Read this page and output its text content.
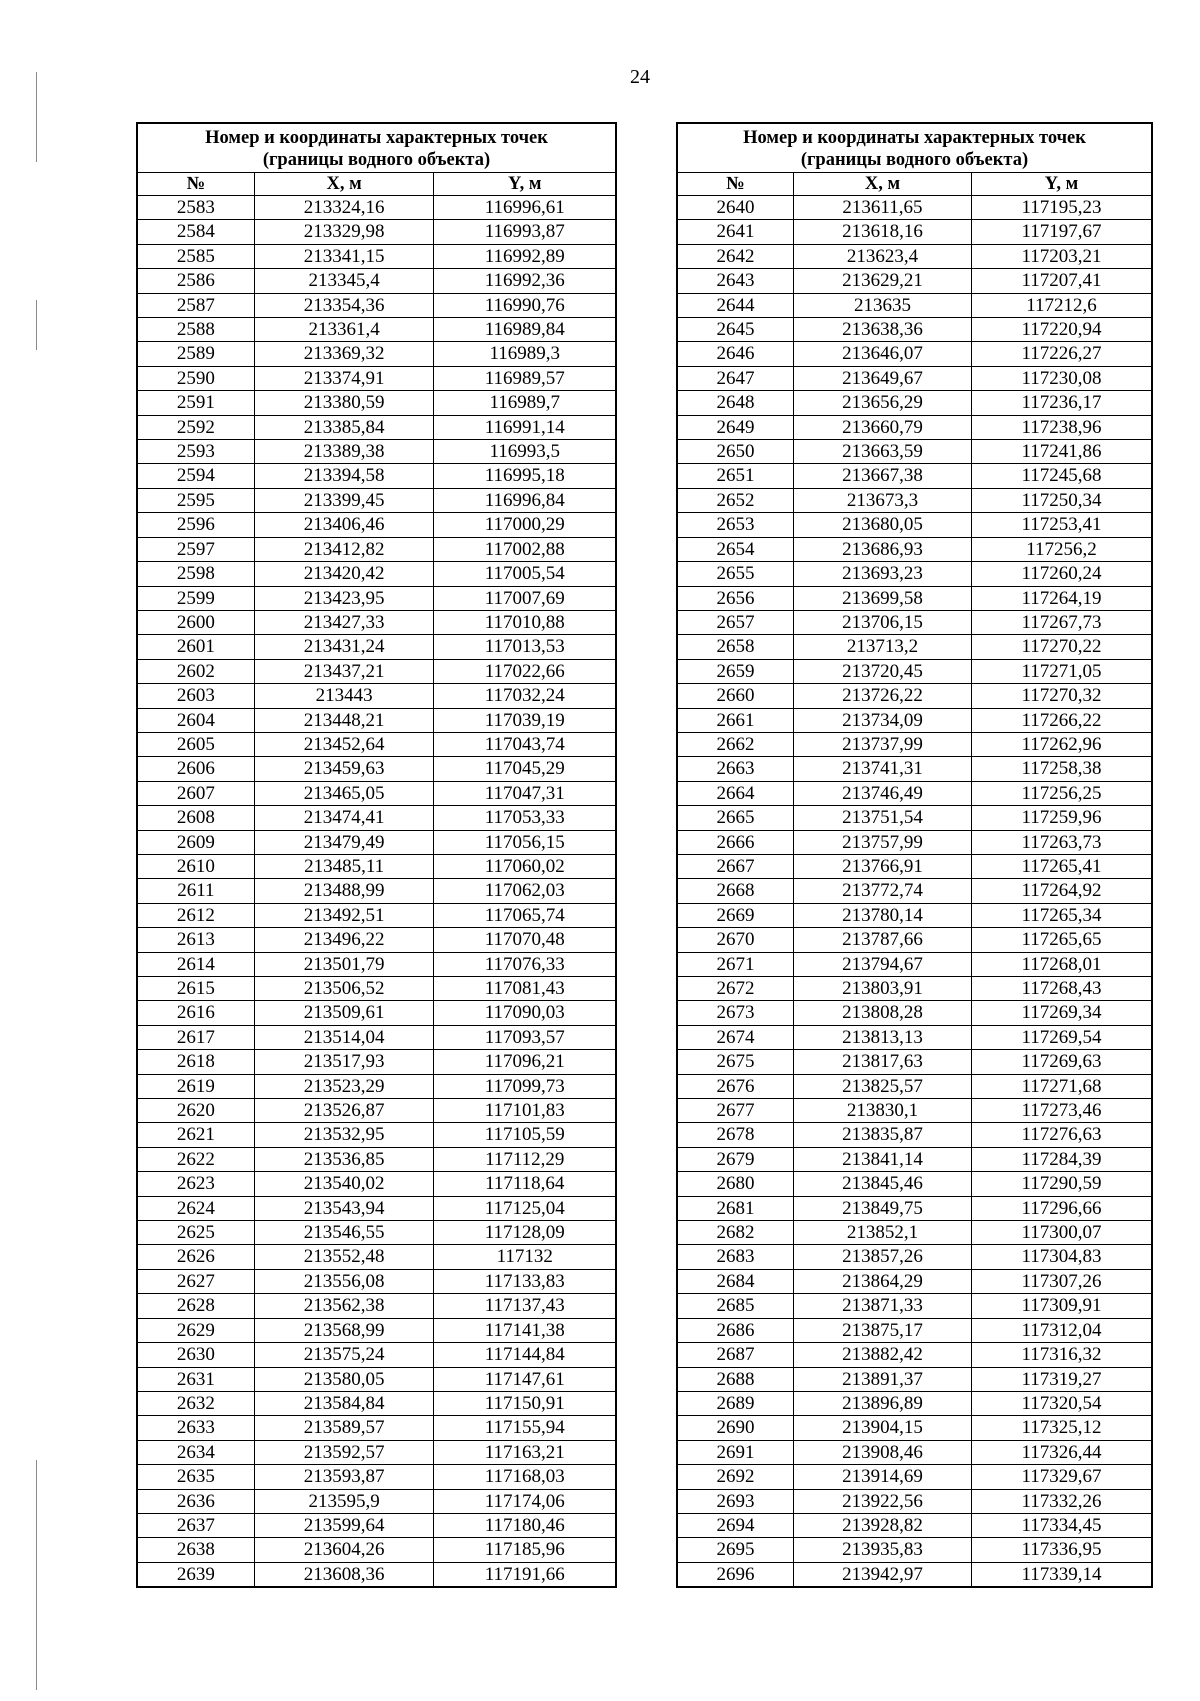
24
Номер и координаты характерных точек
(границы водного объекта)		
№	X, м	Y, м
2583	213324,16	116996,61
2584	213329,98	116993,87
2585	213341,15	116992,89
2586	213345,4	116992,36
2587	213354,36	116990,76
2588	213361,4	116989,84
2589	213369,32	116989,3
2590	213374,91	116989,57
2591	213380,59	116989,7
2592	213385,84	116991,14
2593	213389,38	116993,5
2594	213394,58	116995,18
2595	213399,45	116996,84
2596	213406,46	117000,29
2597	213412,82	117002,88
2598	213420,42	117005,54
2599	213423,95	117007,69
2600	213427,33	117010,88
2601	213431,24	117013,53
2602	213437,21	117022,66
2603	213443	117032,24
2604	213448,21	117039,19
2605	213452,64	117043,74
2606	213459,63	117045,29
2607	213465,05	117047,31
2608	213474,41	117053,33
2609	213479,49	117056,15
2610	213485,11	117060,02
2611	213488,99	117062,03
2612	213492,51	117065,74
2613	213496,22	117070,48
2614	213501,79	117076,33
2615	213506,52	117081,43
2616	213509,61	117090,03
2617	213514,04	117093,57
2618	213517,93	117096,21
2619	213523,29	117099,73
2620	213526,87	117101,83
2621	213532,95	117105,59
2622	213536,85	117112,29
2623	213540,02	117118,64
2624	213543,94	117125,04
2625	213546,55	117128,09
2626	213552,48	117132
2627	213556,08	117133,83
2628	213562,38	117137,43
2629	213568,99	117141,38
2630	213575,24	117144,84
2631	213580,05	117147,61
2632	213584,84	117150,91
2633	213589,57	117155,94
2634	213592,57	117163,21
2635	213593,87	117168,03
2636	213595,9	117174,06
2637	213599,64	117180,46
2638	213604,26	117185,96
2639	213608,36	117191,66
Номер и координаты характерных точек
(границы водного объекта)		
№	X, м	Y, м
2640	213611,65	117195,23
2641	213618,16	117197,67
2642	213623,4	117203,21
2643	213629,21	117207,41
2644	213635	117212,6
2645	213638,36	117220,94
2646	213646,07	117226,27
2647	213649,67	117230,08
2648	213656,29	117236,17
2649	213660,79	117238,96
2650	213663,59	117241,86
2651	213667,38	117245,68
2652	213673,3	117250,34
2653	213680,05	117253,41
2654	213686,93	117256,2
2655	213693,23	117260,24
2656	213699,58	117264,19
2657	213706,15	117267,73
2658	213713,2	117270,22
2659	213720,45	117271,05
2660	213726,22	117270,32
2661	213734,09	117266,22
2662	213737,99	117262,96
2663	213741,31	117258,38
2664	213746,49	117256,25
2665	213751,54	117259,96
2666	213757,99	117263,73
2667	213766,91	117265,41
2668	213772,74	117264,92
2669	213780,14	117265,34
2670	213787,66	117265,65
2671	213794,67	117268,01
2672	213803,91	117268,43
2673	213808,28	117269,34
2674	213813,13	117269,54
2675	213817,63	117269,63
2676	213825,57	117271,68
2677	213830,1	117273,46
2678	213835,87	117276,63
2679	213841,14	117284,39
2680	213845,46	117290,59
2681	213849,75	117296,66
2682	213852,1	117300,07
2683	213857,26	117304,83
2684	213864,29	117307,26
2685	213871,33	117309,91
2686	213875,17	117312,04
2687	213882,42	117316,32
2688	213891,37	117319,27
2689	213896,89	117320,54
2690	213904,15	117325,12
2691	213908,46	117326,44
2692	213914,69	117329,67
2693	213922,56	117332,26
2694	213928,82	117334,45
2695	213935,83	117336,95
2696	213942,97	117339,14
